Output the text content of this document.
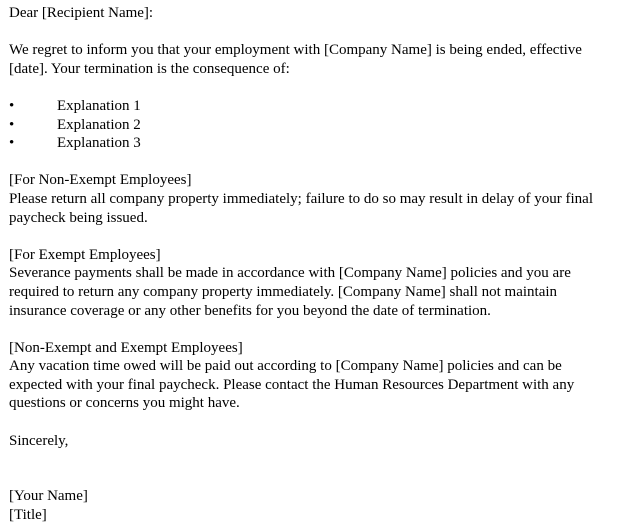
Dear [Recipient Name]:
We regret to inform you that your employment with [Company Name] is being ended, effective
[date]. Your termination is the consequence of:
•	Explanation 1
•	Explanation 2
•	Explanation 3
[For Non-Exempt Employees]
Please return all company property immediately; failure to do so may result in delay of your final
paycheck being issued.
[For Exempt Employees]
Severance payments shall be made in accordance with [Company Name] policies and you are
required to return any company property immediately. [Company Name] shall not maintain
insurance coverage or any other benefits for you beyond the date of termination.
[Non-Exempt and Exempt Employees]
Any vacation time owed will be paid out according to [Company Name] policies and can be
expected with your final paycheck. Please contact the Human Resources Department with any
questions or concerns you might have.
Sincerely,
[Your Name]
[Title]
